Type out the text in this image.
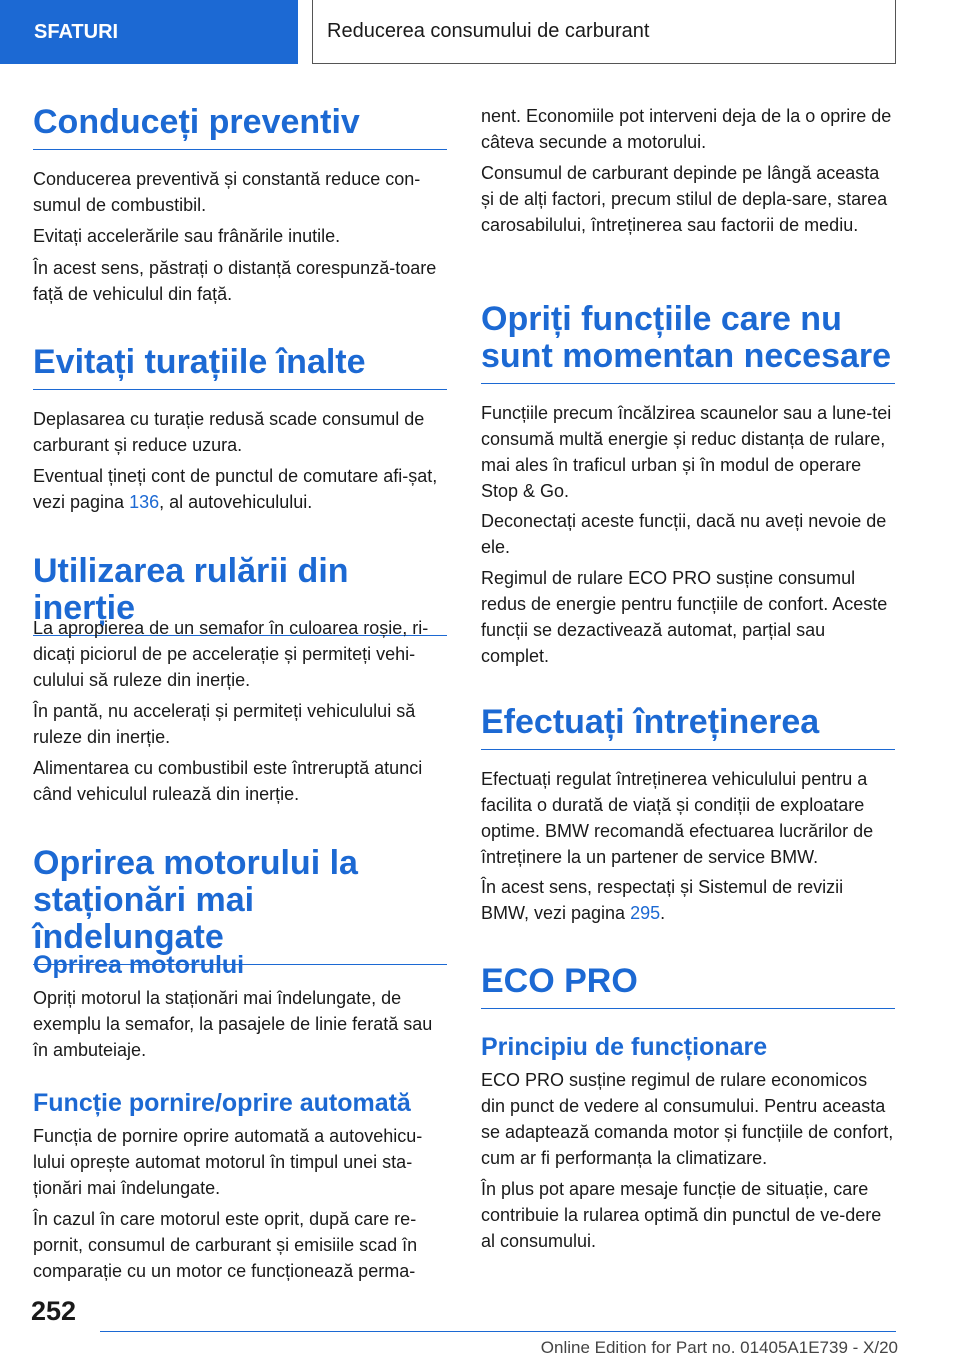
SFATURI	Reducerea consumului de carburant
Conduceți preventiv

Conducerea preventivă și constantă reduce con-sumul de combustibil.

Evitați accelerările sau frânările inutile.

În acest sens, păstrați o distanță corespunză-toare față de vehiculul din față.

Evitați turațiile înalte

Deplasarea cu turație redusă scade consumul de carburant și reduce uzura.

Eventual țineți cont de punctul de comutare afi-șat, vezi pagina 136, al autovehiculului.

Utilizarea rulării din inerție

La apropierea de un semafor în culoarea roșie, ri-dicați piciorul de pe accelerație și permiteți vehi-culului să ruleze din inerție.

În pantă, nu accelerați și permiteți vehiculului să ruleze din inerție.

Alimentarea cu combustibil este întreruptă atunci când vehiculul rulează din inerție.

Oprirea motorului la staționări mai îndelungate
Oprirea motorului

Opriți motorul la staționări mai îndelungate, de exemplu la semafor, la pasajele de linie ferată sau în ambuteiaje.

Funcție pornire/oprire automată

Funcția de pornire oprire automată a autovehicu-lului oprește automat motorul în timpul unei sta-ționări mai îndelungate.

În cazul în care motorul este oprit, după care re-pornit, consumul de carburant și emisiile scad în comparație cu un motor ce funcționează perma-

nent. Economiile pot interveni deja de la o oprire de câteva secunde a motorului.

Consumul de carburant depinde pe lângă aceasta și de alți factori, precum stilul de depla-sare, starea carosabilului, întreținerea sau factorii de mediu.

Opriți funcțiile care nu sunt momentan necesare

Funcțiile precum încălzirea scaunelor sau a lune-tei consumă multă energie și reduc distanța de rulare, mai ales în traficul urban și în modul de operare Stop & Go.

Deconectați aceste funcții, dacă nu aveți nevoie de ele.

Regimul de rulare ECO PRO susține consumul redus de energie pentru funcțiile de confort. Aceste funcții se dezactivează automat, parțial sau complet.

Efectuați întreținerea

Efectuați regulat întreținerea vehiculului pentru a facilita o durată de viață și condiții de exploatare optime. BMW recomandă efectuarea lucrărilor de întreținere la un partener de service BMW.

În acest sens, respectați și Sistemul de revizii BMW, vezi pagina 295.

ECO PRO
Principiu de funcționare

ECO PRO susține regimul de rulare economicos din punct de vedere al consumului. Pentru aceasta se adaptează comanda motor și funcțiile de confort, cum ar fi performanța la climatizare.

În plus pot apare mesaje funcție de situație, care contribuie la rularea optimă din punctul de ve-dere al consumului.

252
Online Edition for Part no. 01405A1E739 - X/20
